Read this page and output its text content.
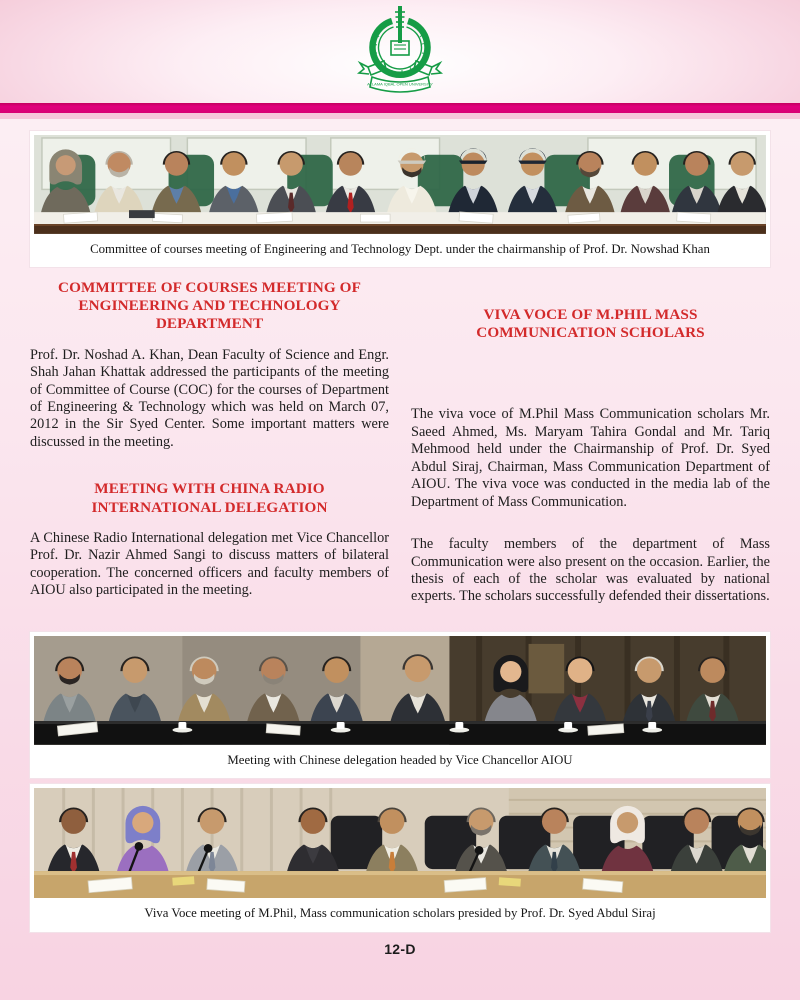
ALLAMA IQBAL OPEN UNIVERSITY
Committee of courses meeting of Engineering and Technology Dept. under the chairmanship of Prof. Dr. Nowshad Khan
COMMITTEE OF COURSES MEETING OF ENGINEERING AND TECHNOLOGY DEPARTMENT

Prof. Dr. Noshad A. Khan, Dean Faculty of Science and Engr. Shah Jahan Khattak addressed the participants of the meeting of Committee of Course (COC) for the courses of Department of Engineering & Technology which was held on March 07, 2012 in the Sir Syed Center. Some important matters were discussed in the meeting.

MEETING WITH CHINA RADIO INTERNATIONAL DELEGATION

A Chinese Radio International delegation met Vice Chancellor Prof. Dr. Nazir Ahmed Sangi to discuss matters of bilateral cooperation. The concerned officers and faculty members of AIOU also participated in the meeting.

VIVA VOCE OF M.PHIL MASS COMMUNICATION SCHOLARS

The viva voce of M.Phil Mass Communication scholars Mr. Saeed Ahmed, Ms. Maryam Tahira Gondal and Mr. Tariq Mehmood held under the Chairmanship of Prof. Dr. Syed Abdul Siraj, Chairman, Mass Communication Department of AIOU. The viva voce was conducted in the media lab of the Department of Mass Communication.

The faculty members of the department of Mass Communication were also present on the occasion. Earlier, the thesis of each of the scholar was evaluated by national experts. The scholars successfully defended their dissertations.

Meeting with Chinese delegation headed by Vice Chancellor AIOU
Viva Voce meeting of M.Phil, Mass communication scholars presided by Prof. Dr. Syed Abdul Siraj
12-D
